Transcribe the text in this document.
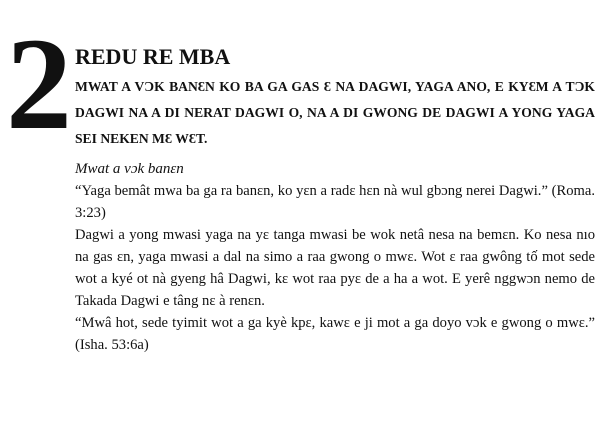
2 REDU RE MBA

MWAT A VƆK BANƐN KO BA GA GAS Ɛ NA DAGWI, YAGA ANO, E KYƐM A TƆK DAGWI NA A DI NERAT DAGWI O, NA A DI GWONG DE DAGWI A YONG YAGA SEI NEKEN MƐ WƐT.

Mwat a vɔk banɛn

“Yaga bemât mwa ba ga ra banɛn, ko yɛn a radɛ hɛn nà wul gbɔng nerei Dagwi.” (Roma. 3:23)

Dagwi a yong mwasi yaga na yɛ tanga mwasi be wok netâ nesa na bemɛn. Ko nesa nıo na gas ɛn, yaga mwasi a dal na simo a raa gwong o mwɛ. Wot ɛ raa gwông tố mot sede wot a kyé ot nà gyeng hâ Dagwi, kɛ wot raa pyɛ de a ha a wot. E yerê nggwɔn nemo de Takada Dagwi e tâng nɛ à renɛn.

“Mwâ hot, sede tyimit wot a ga kyè kpɛ, kawɛ e ji mot a ga doyo vɔk e gwong o mwɛ.” (Isha. 53:6a)
